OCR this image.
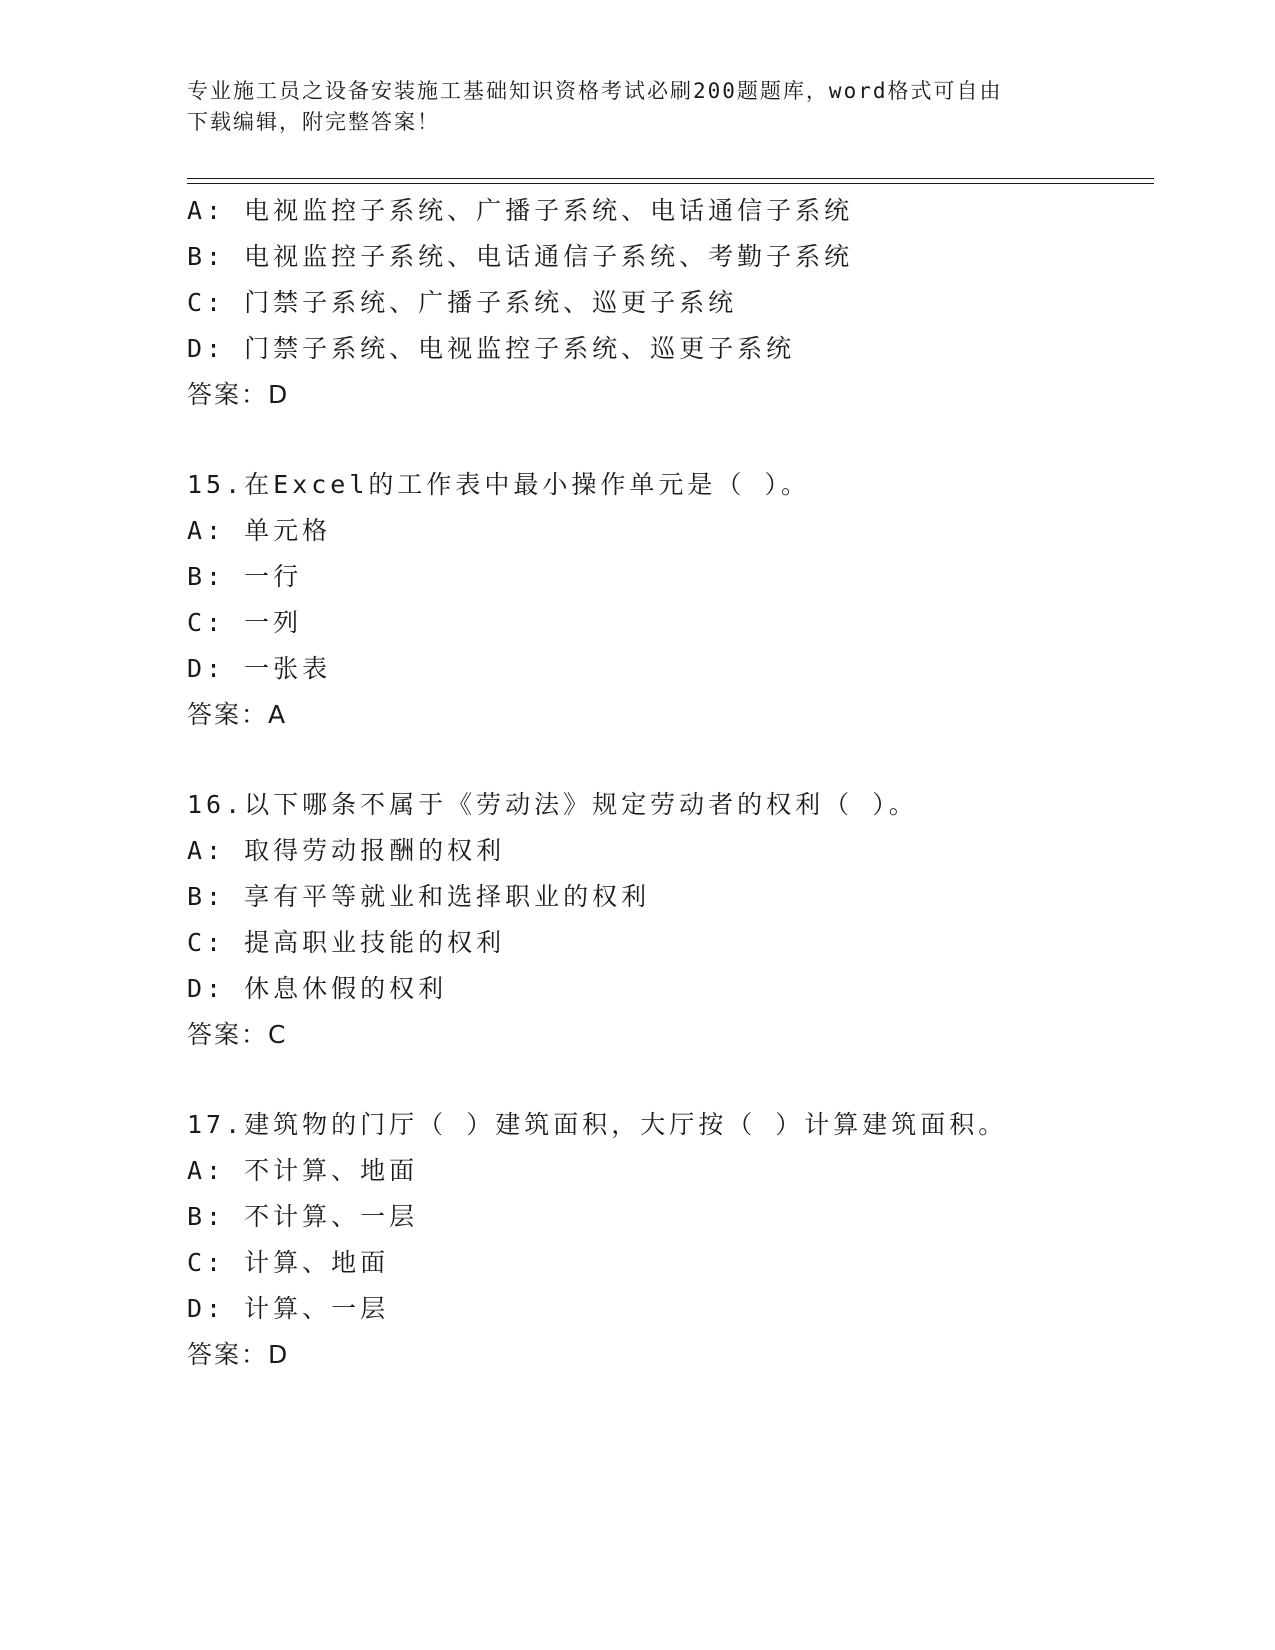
专业施工员之设备安装施工基础知识资格考试必刷200题题库，word格式可自由
下载编辑，附完整答案！
A: 电视监控子系统、广播子系统、电话通信子系统
B: 电视监控子系统、电话通信子系统、考勤子系统
C: 门禁子系统、广播子系统、巡更子系统
D: 门禁子系统、电视监控子系统、巡更子系统
答案：D
15.在Excel的工作表中最小操作单元是（ ）。
A: 单元格
B: 一行
C: 一列
D: 一张表
答案：A
16.以下哪条不属于《劳动法》规定劳动者的权利（ ）。
A: 取得劳动报酬的权利
B: 享有平等就业和选择职业的权利
C: 提高职业技能的权利
D: 休息休假的权利
答案：C
17.建筑物的门厅（ ）建筑面积，大厅按（ ）计算建筑面积。
A: 不计算、地面
B: 不计算、一层
C: 计算、地面
D: 计算、一层
答案：D
